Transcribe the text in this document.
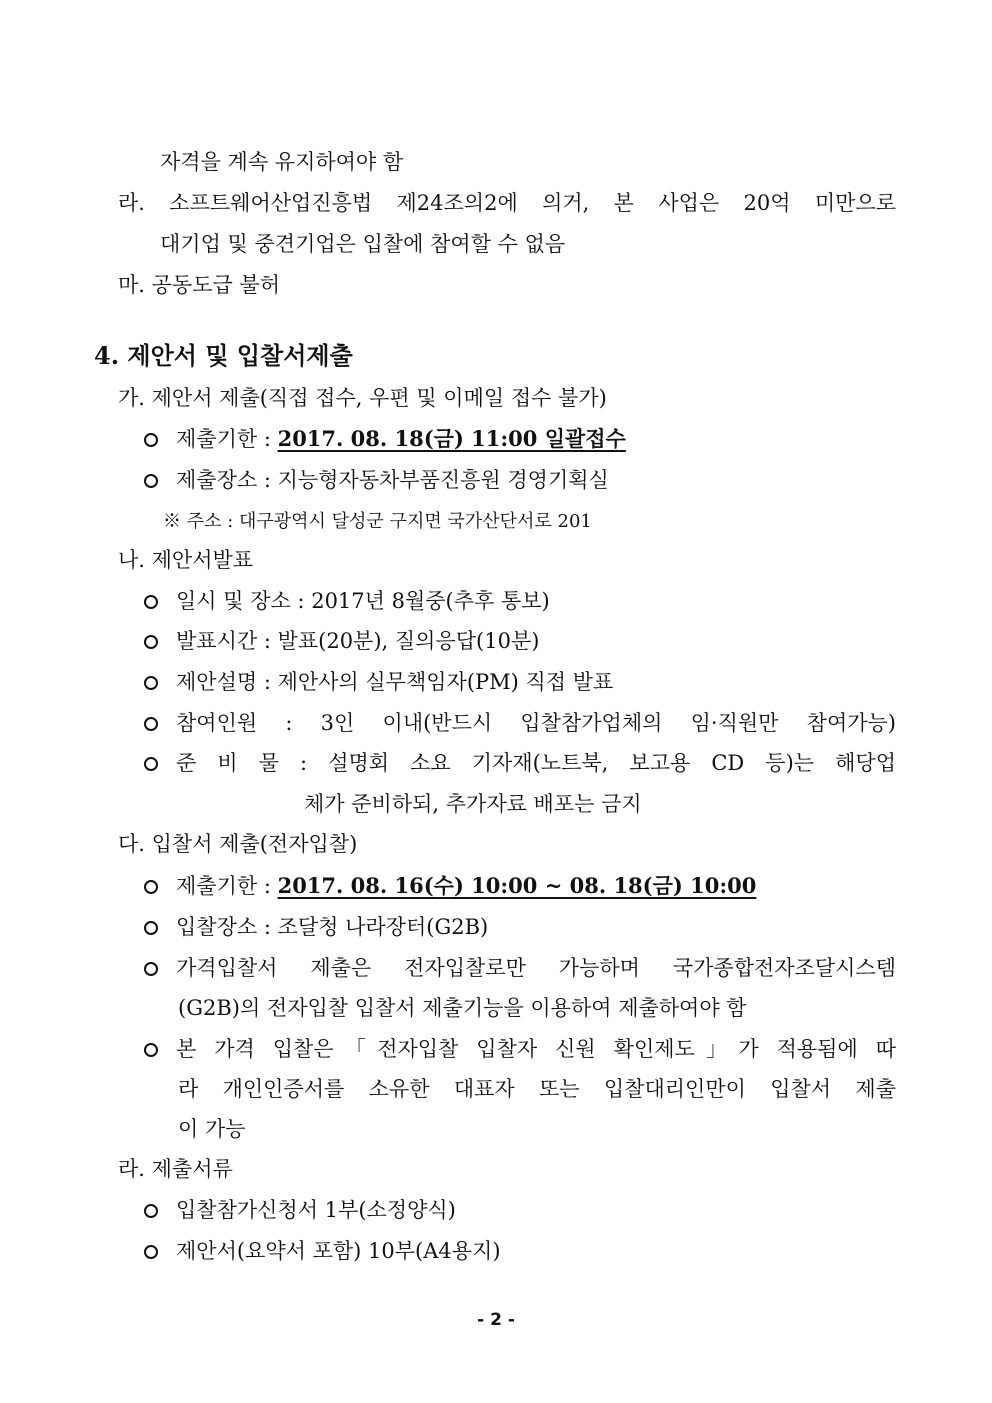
자격을 계속 유지하여야 함
라. 소프트웨어산업진흥법 제24조의2에 의거, 본 사업은 20억 미만으로
대기업 및 중견기업은 입찰에 참여할 수 없음
마. 공동도급 불허
4. 제안서 및 입찰서제출
가. 제안서 제출(직접 접수, 우편 및 이메일 접수 불가)
제출기한 : 2017. 08. 18(금) 11:00 일괄접수
제출장소 : 지능형자동차부품진흥원 경영기획실
※ 주소 : 대구광역시 달성군 구지면 국가산단서로 201
나. 제안서발표
일시 및 장소 : 2017년 8월중(추후 통보)
발표시간 : 발표(20분), 질의응답(10분)
제안설명 : 제안사의 실무책임자(PM) 직접 발표
참여인원 : 3인 이내(반드시 입찰참가업체의 임·직원만 참여가능)
준 비 물 : 설명회 소요 기자재(노트북, 보고용 CD 등)는 해당업
체가 준비하되, 추가자료 배포는 금지
다. 입찰서 제출(전자입찰)
제출기한 : 2017. 08. 16(수) 10:00 ~ 08. 18(금) 10:00
입찰장소 : 조달청 나라장터(G2B)
가격입찰서 제출은 전자입찰로만 가능하며 국가종합전자조달시스템
(G2B)의 전자입찰 입찰서 제출기능을 이용하여 제출하여야 함
본 가격 입찰은「전자입찰 입찰자 신원 확인제도」가 적용됨에 따
라 개인인증서를 소유한 대표자 또는 입찰대리인만이 입찰서 제출
이 가능
라. 제출서류
입찰참가신청서 1부(소정양식)
제안서(요약서 포함) 10부(A4용지)
- 2 -
